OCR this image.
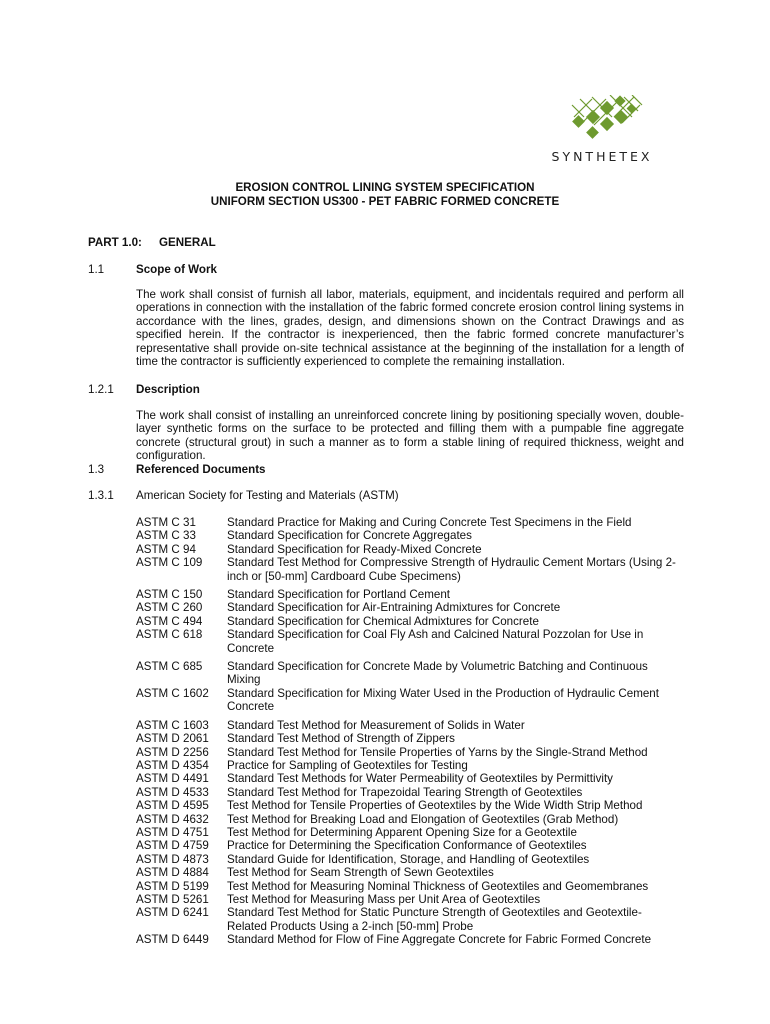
SYNTHETEX
EROSION CONTROL LINING SYSTEM SPECIFICATION
UNIFORM SECTION US300 - PET FABRIC FORMED CONCRETE
PART 1.0: GENERAL
1.1	Scope of Work
The work shall consist of furnish all labor, materials, equipment, and incidentals required and perform all operations in connection with the installation of the fabric formed concrete erosion control lining systems in accordance with the lines, grades, design, and dimensions shown on the Contract Drawings and as specified herein. If the contractor is inexperienced, then the fabric formed concrete manufacturer’s representative shall provide on-site technical assistance at the beginning of the installation for a length of time the contractor is sufficiently experienced to complete the remaining installation.
1.2.1 Description
The work shall consist of installing an unreinforced concrete lining by positioning specially woven, double-layer synthetic forms on the surface to be protected and filling them with a pumpable fine aggregate concrete (structural grout) in such a manner as to form a stable lining of required thickness, weight and configuration.
1.3	Referenced Documents
1.3.1 American Society for Testing and Materials (ASTM)
ASTM C 31	Standard Practice for Making and Curing Concrete Test Specimens in the Field
ASTM C 33	Standard Specification for Concrete Aggregates
ASTM C 94	Standard Specification for Ready-Mixed Concrete
ASTM C 109	Standard Test Method for Compressive Strength of Hydraulic Cement Mortars (Using 2-inch or [50-mm] Cardboard Cube Specimens)
ASTM C 150	Standard Specification for Portland Cement
ASTM C 260	Standard Specification for Air-Entraining Admixtures for Concrete
ASTM C 494	Standard Specification for Chemical Admixtures for Concrete
ASTM C 618	Standard Specification for Coal Fly Ash and Calcined Natural Pozzolan for Use in Concrete
ASTM C 685	Standard Specification for Concrete Made by Volumetric Batching and Continuous Mixing
ASTM C 1602	Standard Specification for Mixing Water Used in the Production of Hydraulic Cement Concrete
ASTM C 1603	Standard Test Method for Measurement of Solids in Water
ASTM D 2061	Standard Test Method of Strength of Zippers
ASTM D 2256	Standard Test Method for Tensile Properties of Yarns by the Single-Strand Method
ASTM D 4354	Practice for Sampling of Geotextiles for Testing
ASTM D 4491	Standard Test Methods for Water Permeability of Geotextiles by Permittivity
ASTM D 4533	Standard Test Method for Trapezoidal Tearing Strength of Geotextiles
ASTM D 4595	Test Method for Tensile Properties of Geotextiles by the Wide Width Strip Method
ASTM D 4632	Test Method for Breaking Load and Elongation of Geotextiles (Grab Method)
ASTM D 4751	Test Method for Determining Apparent Opening Size for a Geotextile
ASTM D 4759	Practice for Determining the Specification Conformance of Geotextiles
ASTM D 4873	Standard Guide for Identification, Storage, and Handling of Geotextiles
ASTM D 4884	Test Method for Seam Strength of Sewn Geotextiles
ASTM D 5199	Test Method for Measuring Nominal Thickness of Geotextiles and Geomembranes
ASTM D 5261	Test Method for Measuring Mass per Unit Area of Geotextiles
ASTM D 6241	Standard Test Method for Static Puncture Strength of Geotextiles and Geotextile-Related Products Using a 2-inch [50-mm] Probe
ASTM D 6449	Standard Method for Flow of Fine Aggregate Concrete for Fabric Formed Concrete
